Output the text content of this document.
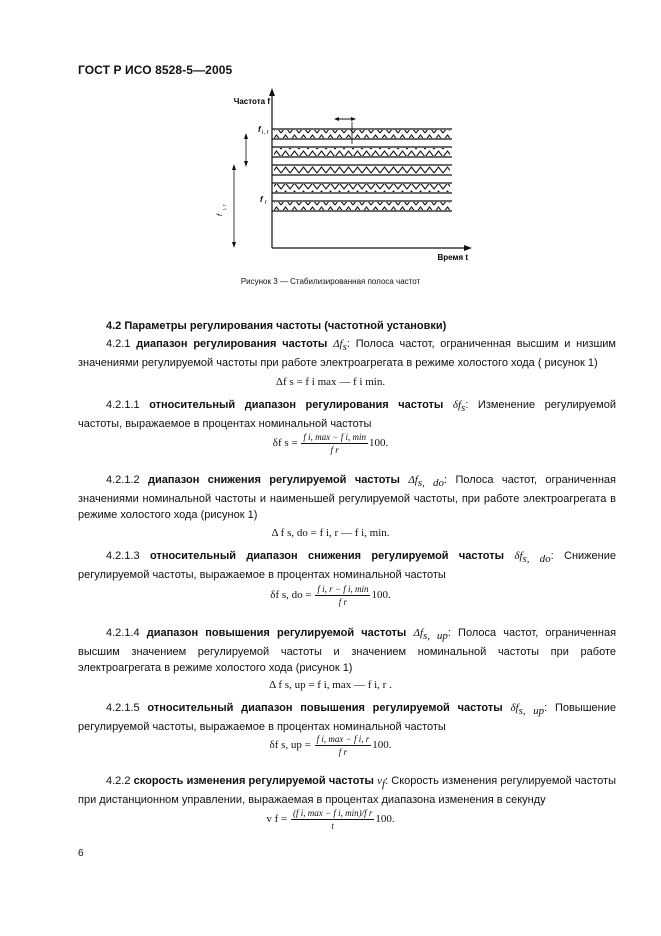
ГОСТ Р ИСО 8528-5—2005
Частота f
Время t
f i, r
f r
f
i, r
Рисунок 3 — Стабилизированная полоса частот
4.2 Параметры регулирования частоты (частотной установки)
4.2.1 диапазон регулирования частоты $\Delta f_s$: Полоса частот, ограниченная высшим и низшим значениями регулируемой частоты при работе электроагрегата в режиме холостого хода ( рисунок 1)
Δf s = f i max — f i min.
4.2.1.1 относительный диапазон регулирования частоты $\delta f_s$: Изменение регулируемой частоты, выражаемое в процентах номинальной частоты
δf $s = \frac{\text{f i, max − f i, min}}{\text{f r}} 100$.
4.2.1.2 диапазон снижения регулируемой частоты $\Delta f_{s, do}$: Полоса частот, ограниченная значениями номинальной частоты и наименьшей регулируемой частоты, при работе электроагрегата в режиме холостого хода (рисунок 1)
Δ f s, do = f i, r — f i, min.
4.2.1.3 относительный диапазон снижения регулируемой частоты $\delta f_{s, do}$: Снижение регулируемой частоты, выражаемое в процентах номинальной частоты
δf s, do = $\frac{\text{f i, r − f i, min}}{\text{f r}} 100$.
4.2.1.4 диапазон повышения регулируемой частоты $\Delta f_{s, up}$: Полоса частот, ограниченная высшим значением регулируемой частоты и значением номинальной частоты при работе электроагрегата в режиме холостого хода (рисунок 1)
Δ f s, up = f i, max — f i, r .
4.2.1.5 относительный диапазон повышения регулируемой частоты $\delta f_{s, up}$: Повышение регулируемой частоты, выражаемое в процентах номинальной частоты
δf s, up = $\frac{\text{f i, max − f i, r}}{\text{f r}} 100$.
4.2.2 скорость изменения регулируемой частоты $v_f$: Скорость изменения регулируемой частоты при дистанционном управлении, выражаемая в процентах диапазона изменения в секунду
v $f = \frac{\text{(f i, max − f i, min)/f r}}{t} 100$.
6
